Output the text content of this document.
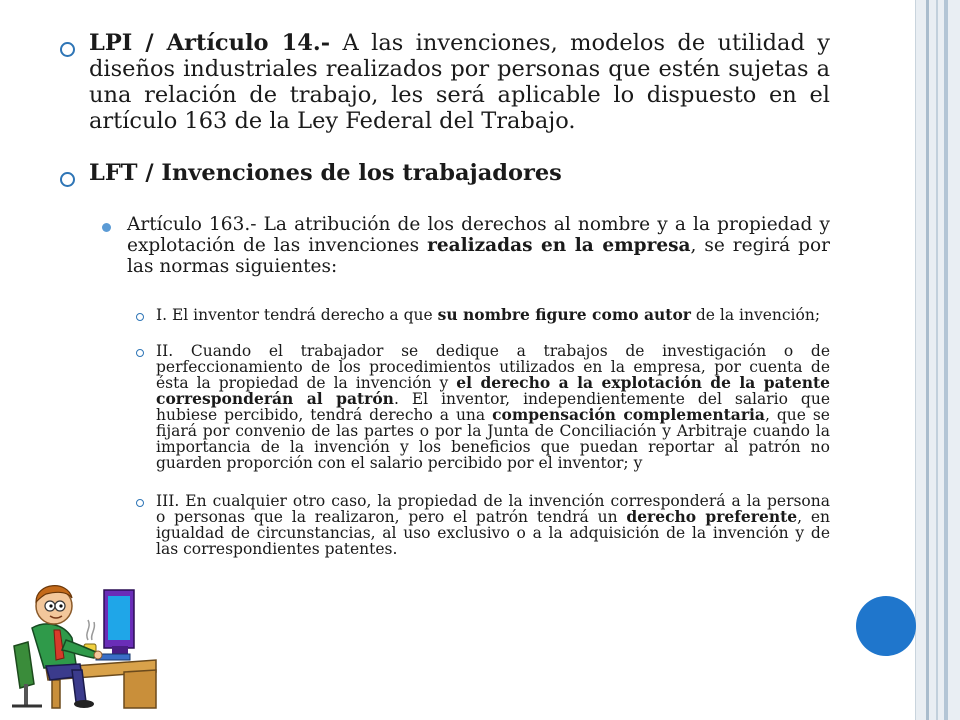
LPI / Artículo 14.- A las invenciones, modelos de utilidad y diseños industriales realizados por personas que estén sujetas a una relación de trabajo, les será aplicable lo dispuesto en el artículo 163 de la Ley Federal del Trabajo.

LFT / Invenciones de los trabajadores

Artículo 163.- La atribución de los derechos al nombre y a la propiedad y explotación de las invenciones realizadas en la empresa, se regirá por las normas siguientes:

I. El inventor tendrá derecho a que su nombre figure como autor de la invención;

II. Cuando el trabajador se dedique a trabajos de investigación o de perfeccionamiento de los procedimientos utilizados en la empresa, por cuenta de ésta la propiedad de la invención y el derecho a la explotación de la patente corresponderán al patrón. El inventor, independientemente del salario que hubiese percibido, tendrá derecho a una compensación complementaria, que se fijará por convenio de las partes o por la Junta de Conciliación y Arbitraje cuando la importancia de la invención y los beneficios que puedan reportar al patrón no guarden proporción con el salario percibido por el inventor; y

III. En cualquier otro caso, la propiedad de la invención corresponderá a la persona o personas que la realizaron, pero el patrón tendrá un derecho preferente, en igualdad de circunstancias, al uso exclusivo o a la adquisición de la invención y de las correspondientes patentes.
